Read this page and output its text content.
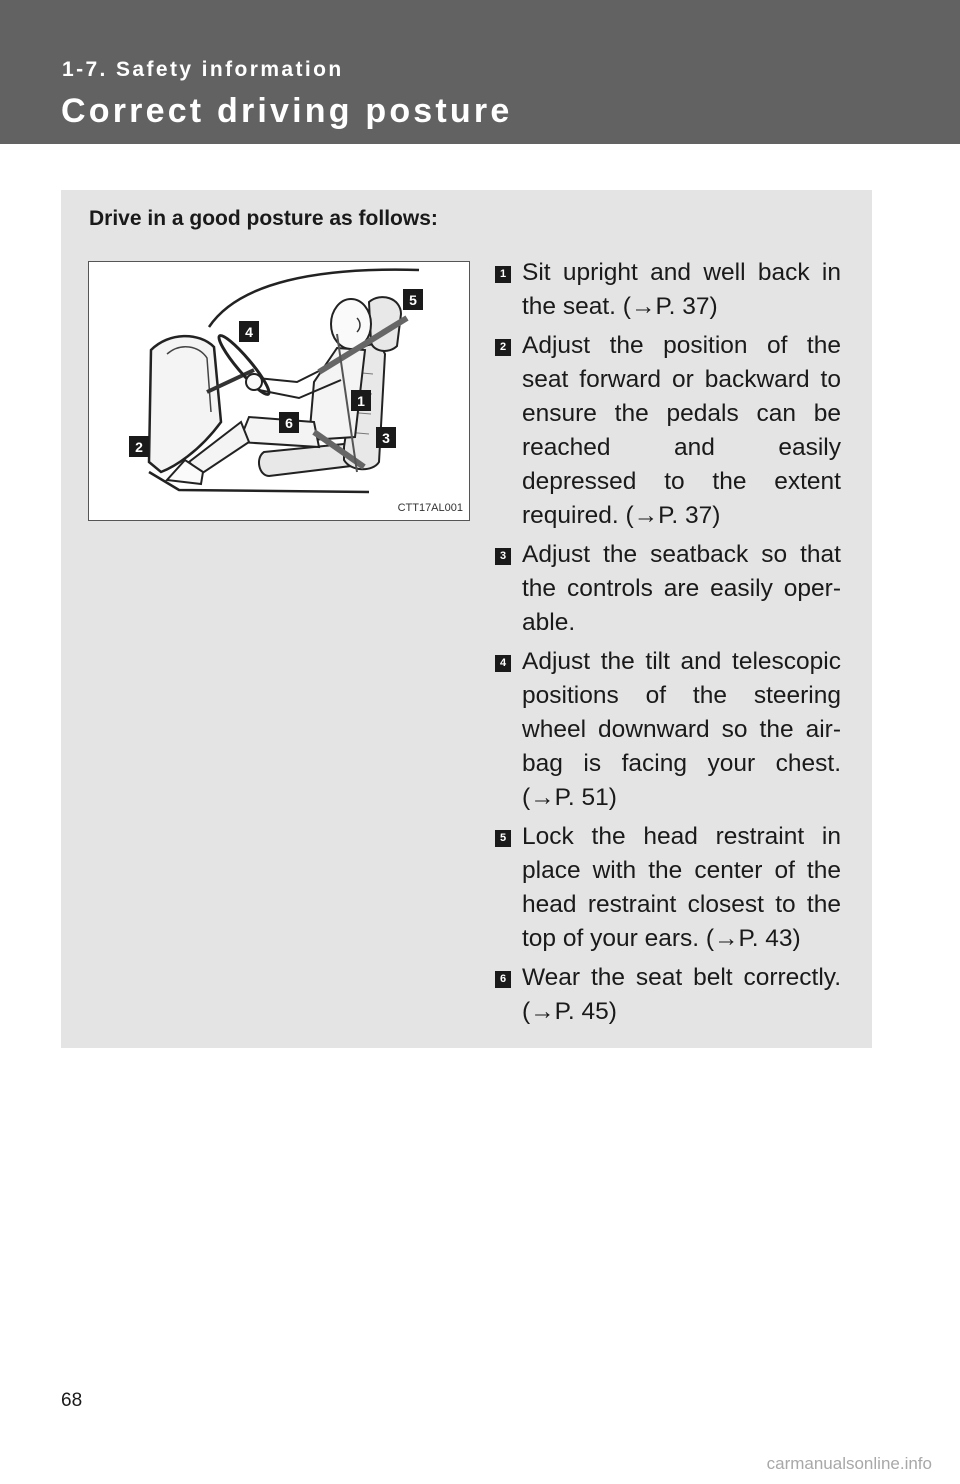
1-7. Safety information
Correct driving posture
Drive in a good posture as follows:
1
2
3
4
5
6
CTT17AL001
1 Sit upright and well back in the seat. (→P. 37)
2 Adjust the position of the seat forward or backward to ensure the pedals can be reached and easily depressed to the extent required. (→P. 37)
3 Adjust the seatback so that the controls are easily oper-able.
4 Adjust the tilt and telescopic positions of the steering wheel downward so the air-bag is facing your chest. (→P. 51)
5 Lock the head restraint in place with the center of the head restraint closest to the top of your ears. (→P. 43)
6 Wear the seat belt correctly. (→P. 45)
68
carmanualsonline.info
